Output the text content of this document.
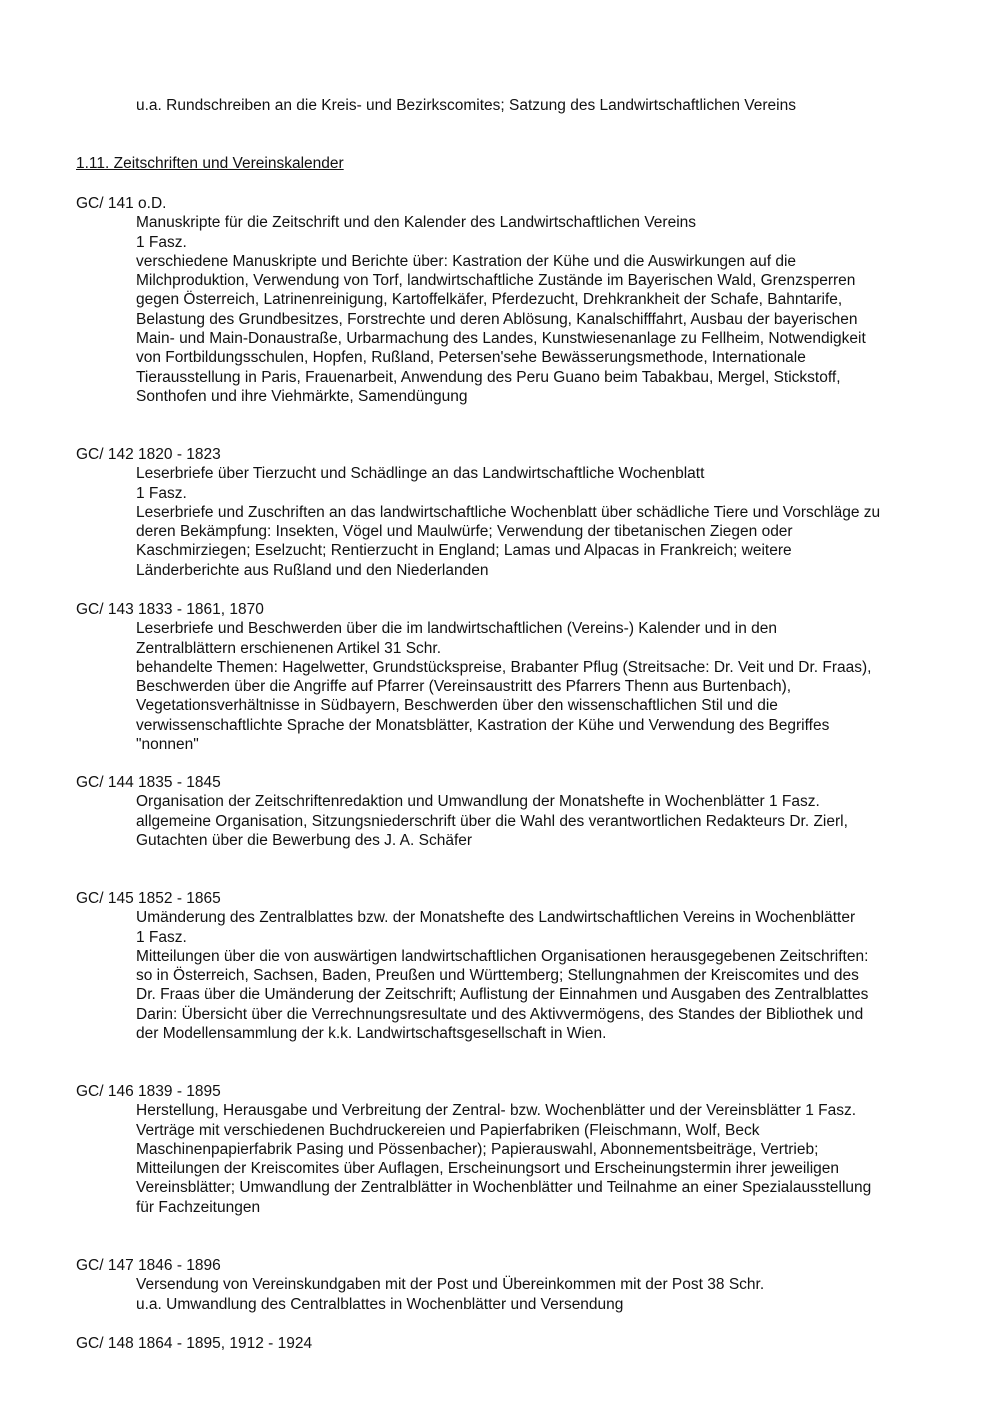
u.a. Rundschreiben an die Kreis- und Bezirkscomites; Satzung des Landwirtschaftlichen Vereins
1.11. Zeitschriften und Vereinskalender
GC/ 141 o.D.
Manuskripte für die Zeitschrift und den Kalender des Landwirtschaftlichen Vereins
1 Fasz.
verschiedene Manuskripte und Berichte über: Kastration der Kühe und die Auswirkungen auf die Milchproduktion, Verwendung von Torf, landwirtschaftliche Zustände im Bayerischen Wald, Grenzsperren gegen Österreich, Latrinenreinigung, Kartoffelkäfer, Pferdezucht, Drehkrankheit der Schafe, Bahntarife, Belastung des Grundbesitzes, Forstrechte und deren Ablösung, Kanalschifffahrt, Ausbau der bayerischen Main- und Main-Donaustraße, Urbarmachung des Landes, Kunstwiesenanlage zu Fellheim, Notwendigkeit von Fortbildungsschulen, Hopfen, Rußland, Petersen'sehe Bewässerungsmethode, Internationale Tierausstellung in Paris, Frauenarbeit, Anwendung des Peru Guano beim Tabakbau, Mergel, Stickstoff, Sonthofen und ihre Viehmärkte, Samendüngung
GC/ 142 1820 - 1823
Leserbriefe über Tierzucht und Schädlinge an das Landwirtschaftliche Wochenblatt
1 Fasz.
Leserbriefe und Zuschriften an das landwirtschaftliche Wochenblatt über schädliche Tiere und Vorschläge zu deren Bekämpfung: Insekten, Vögel und Maulwürfe; Verwendung der tibetanischen Ziegen oder Kaschmirziegen; Eselzucht; Rentierzucht in England; Lamas und Alpacas in Frankreich; weitere Länderberichte aus Rußland und den Niederlanden
GC/ 143 1833 - 1861, 1870
Leserbriefe und Beschwerden über die im landwirtschaftlichen (Vereins-) Kalender und in den Zentralblättern erschienenen Artikel 31 Schr.
behandelte Themen: Hagelwetter, Grundstückspreise, Brabanter Pflug (Streitsache: Dr. Veit und Dr. Fraas), Beschwerden über die Angriffe auf Pfarrer (Vereinsaustritt des Pfarrers Thenn aus Burtenbach), Vegetationsverhältnisse in Südbayern, Beschwerden über den wissenschaftlichen Stil und die verwissenschaftlichte Sprache der Monatsblätter, Kastration der Kühe und Verwendung des Begriffes "nonnen"
GC/ 144 1835 - 1845
Organisation der Zeitschriftenredaktion und Umwandlung der Monatshefte in Wochenblätter 1 Fasz.
allgemeine Organisation, Sitzungsniederschrift über die Wahl des verantwortlichen Redakteurs Dr. Zierl, Gutachten über die Bewerbung des J. A. Schäfer
GC/ 145 1852 - 1865
Umänderung des Zentralblattes bzw. der Monatshefte des Landwirtschaftlichen Vereins in Wochenblätter 1 Fasz.
Mitteilungen über die von auswärtigen landwirtschaftlichen Organisationen herausgegebenen Zeitschriften: so in Österreich, Sachsen, Baden, Preußen und Württemberg; Stellungnahmen der Kreiscomites und des Dr. Fraas über die Umänderung der Zeitschrift; Auflistung der Einnahmen und Ausgaben des Zentralblattes
Darin: Übersicht über die Verrechnungsresultate und des Aktivvermögens, des Standes der Bibliothek und der Modellensammlung der k.k. Landwirtschaftsgesellschaft in Wien.
GC/ 146 1839 - 1895
Herstellung, Herausgabe und Verbreitung der Zentral- bzw. Wochenblätter und der Vereinsblätter 1 Fasz.
Verträge mit verschiedenen Buchdruckereien und Papierfabriken (Fleischmann, Wolf, Beck Maschinenpapierfabrik Pasing und Pössenbacher); Papierauswahl, Abonnementsbeiträge, Vertrieb; Mitteilungen der Kreiscomites über Auflagen, Erscheinungsort und Erscheinungstermin ihrer jeweiligen Vereinsblätter; Umwandlung der Zentralblätter in Wochenblätter und Teilnahme an einer Spezialausstellung für Fachzeitungen
GC/ 147 1846 - 1896
Versendung von Vereinskundgaben mit der Post und Übereinkommen mit der Post 38 Schr.
u.a. Umwandlung des Centralblattes in Wochenblätter und Versendung
GC/ 148 1864 - 1895, 1912 - 1924
